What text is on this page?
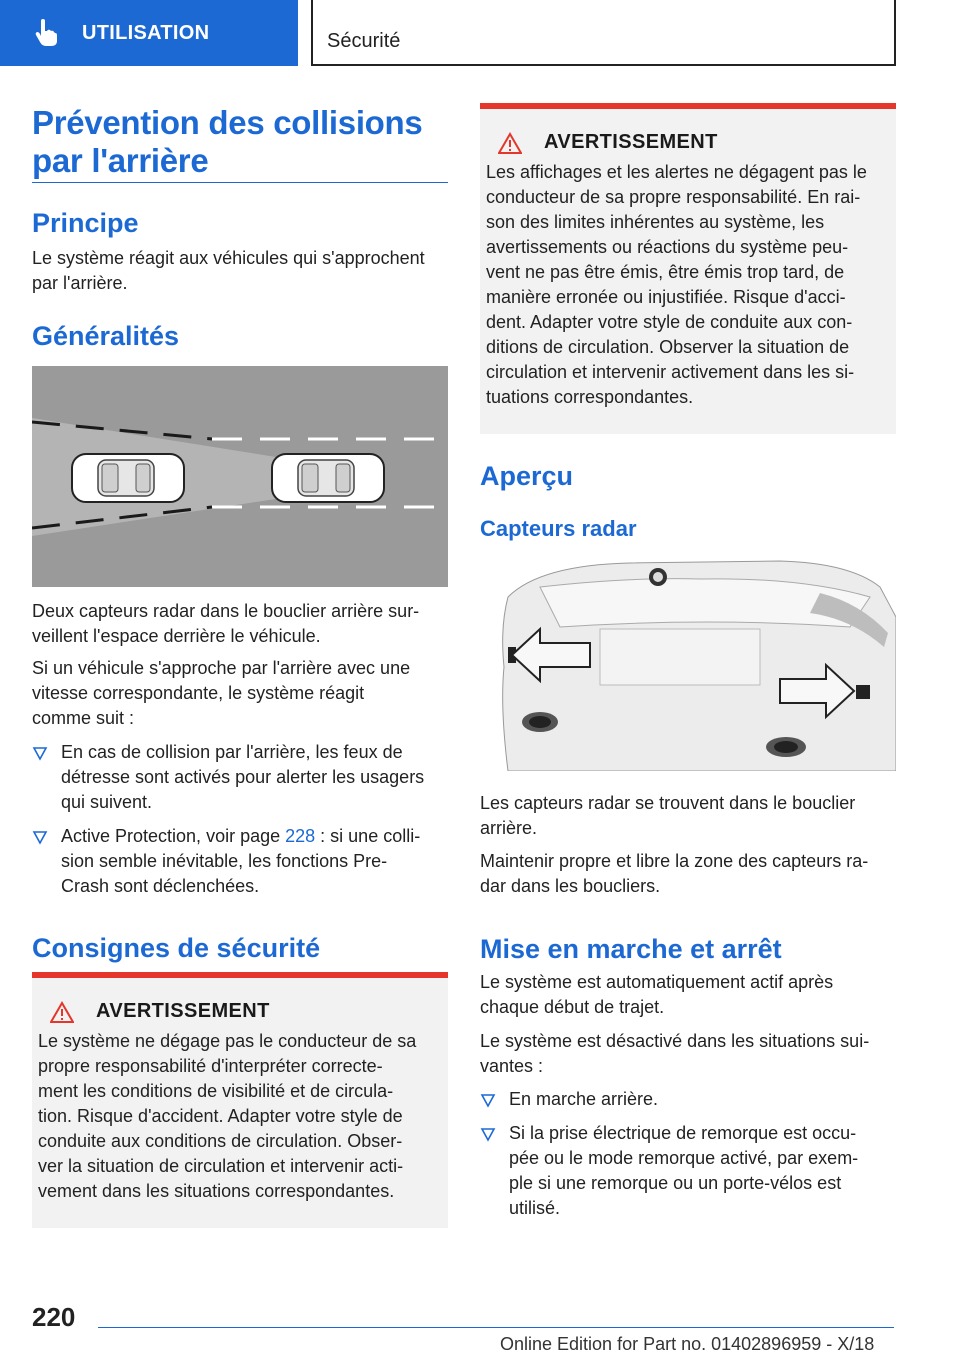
UTILISATION	Sécurité
Prévention des collisions
par l'arrière
Principe

Le système réagit aux véhicules qui s'approchent
par l'arrière.

Généralités

Deux capteurs radar dans le bouclier arrière sur-
veillent l'espace derrière le véhicule.

Si un véhicule s'approche par l'arrière avec une
vitesse correspondante, le système réagit
comme suit :

En cas de collision par l'arrière, les feux de
détresse sont activés pour alerter les usagers
qui suivent.
Active Protection, voir page 228 : si une colli-
sion semble inévitable, les fonctions Pre-
Crash sont déclenchées.
Consignes de sécurité
AVERTISSEMENT

Le système ne dégage pas le conducteur de sa
propre responsabilité d'interpréter correcte-
ment les conditions de visibilité et de circula-
tion. Risque d'accident. Adapter votre style de
conduite aux conditions de circulation. Obser-
ver la situation de circulation et intervenir acti-
vement dans les situations correspondantes.

AVERTISSEMENT

Les affichages et les alertes ne dégagent pas le
conducteur de sa propre responsabilité. En rai-
son des limites inhérentes au système, les
avertissements ou réactions du système peu-
vent ne pas être émis, être émis trop tard, de
manière erronée ou injustifiée. Risque d'acci-
dent. Adapter votre style de conduite aux con-
ditions de circulation. Observer la situation de
circulation et intervenir activement dans les si-
tuations correspondantes.

Aperçu
Capteurs radar

Les capteurs radar se trouvent dans le bouclier
arrière.

Maintenir propre et libre la zone des capteurs ra-
dar dans les boucliers.

Mise en marche et arrêt

Le système est automatiquement actif après
chaque début de trajet.

Le système est désactivé dans les situations sui-
vantes :

En marche arrière.
Si la prise électrique de remorque est occu-
pée ou le mode remorque activé, par exem-
ple si une remorque ou un porte-vélos est
utilisé.
220
Online Edition for Part no. 01402896959 - X/18
